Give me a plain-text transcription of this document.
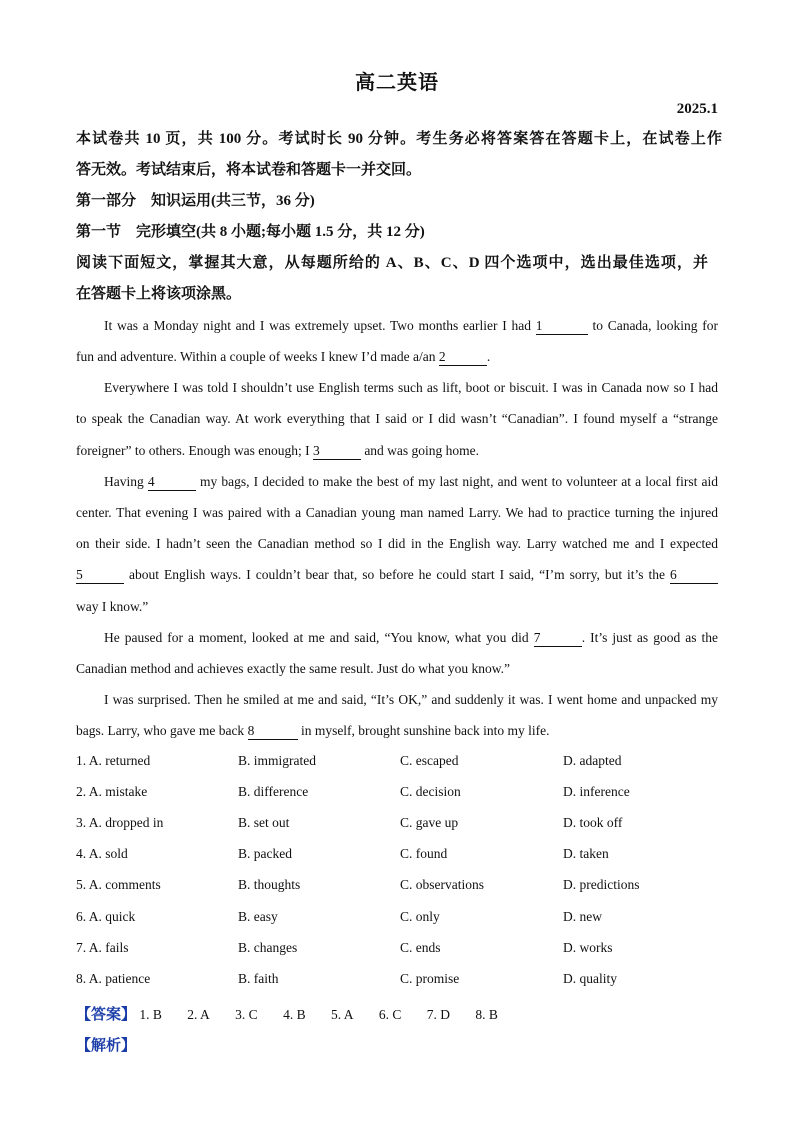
高二英语
2025.1
本试卷共 10 页，共 100 分。考试时长 90 分钟。考生务必将答案答在答题卡上，在试卷上作
答无效。考试结束后，将本试卷和答题卡一并交回。
第一部分　知识运用(共三节，36 分)
第一节　完形填空(共 8 小题;每小题 1.5 分，共 12 分)
阅读下面短文，掌握其大意，从每题所给的 A、B、C、D 四个选项中，选出最佳选项，并
在答题卡上将该项涂黑。
It was a Monday night and I was extremely upset. Two months earlier I had 1	to Canada, looking for
fun and adventure. Within a couple of weeks I knew I’d made a/an 2	.
Everywhere I was told I shouldn’t use English terms such as lift, boot or biscuit. I was in Canada now so I had
to speak the Canadian way. At work everything that I said or I did wasn’t “Canadian”. I found myself a “strange
foreigner” to others. Enough was enough; I 3	and was going home.
Having 4	my bags, I decided to make the best of my last night, and went to volunteer at a local first aid
center. That evening I was paired with a Canadian young man named Larry. We had to practice turning the injured
on their side. I hadn’t seen the Canadian method so I did in the English way. Larry watched me and I expected
5	about English ways. I couldn’t bear that, so before he could start I said, “I’m sorry, but it’s the 6
way I know.”
He paused for a moment, looked at me and said, “You know, what you did 7	. It’s just as good as the
Canadian method and achieves exactly the same result. Just do what you know.”
I was surprised. Then he smiled at me and said, “It’s OK,” and suddenly it was. I went home and unpacked my
bags. Larry, who gave me back 8	in myself, brought sunshine back into my life.
1. A. returned	B. immigrated	C. escaped	D. adapted
2. A. mistake	B. difference	C. decision	D. inference
3. A. dropped in	B. set out	C. gave up	D. took off
4. A. sold	B. packed	C. found	D. taken
5. A. comments	B. thoughts	C. observations	D. predictions
6. A. quick	B. easy	C. only	D. new
7. A. fails	B. changes	C. ends	D. works
8. A. patience	B. faith	C. promise	D. quality
【答案】 1. B 2. A 3. C 4. B 5. A 6. C 7. D 8. B
【解析】
